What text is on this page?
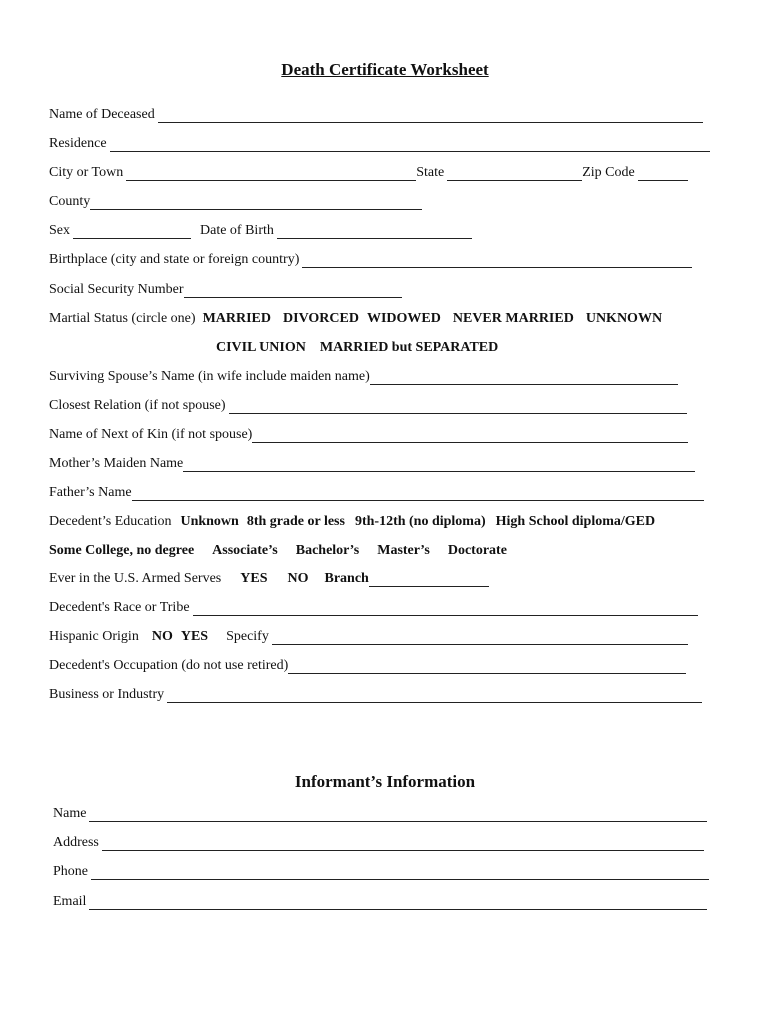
Death Certificate Worksheet
Name of Deceased
Residence
City or Town	State	Zip Code
County
Sex	Date of Birth
Birthplace (city and state or foreign country)
Social Security Number
Martial Status (circle one) MARRIED DIVORCED WIDOWED NEVER MARRIED UNKNOWN
CIVIL UNION MARRIED but SEPARATED
Surviving Spouse’s Name (in wife include maiden name)
Closest Relation (if not spouse)
Name of Next of Kin (if not spouse)
Mother’s Maiden Name
Father’s Name
Decedent’s Education Unknown 8th grade or less 9th-12th (no diploma) High School diploma/GED
Some College, no degree Associate’s Bachelor’s Master’s Doctorate
Ever in the U.S. Armed Serves YES NO Branch
Decedent's Race or Tribe
Hispanic Origin NO YES Specify
Decedent's Occupation (do not use retired)
Business or Industry
Informant’s Information
Name
Address
Phone
Email
